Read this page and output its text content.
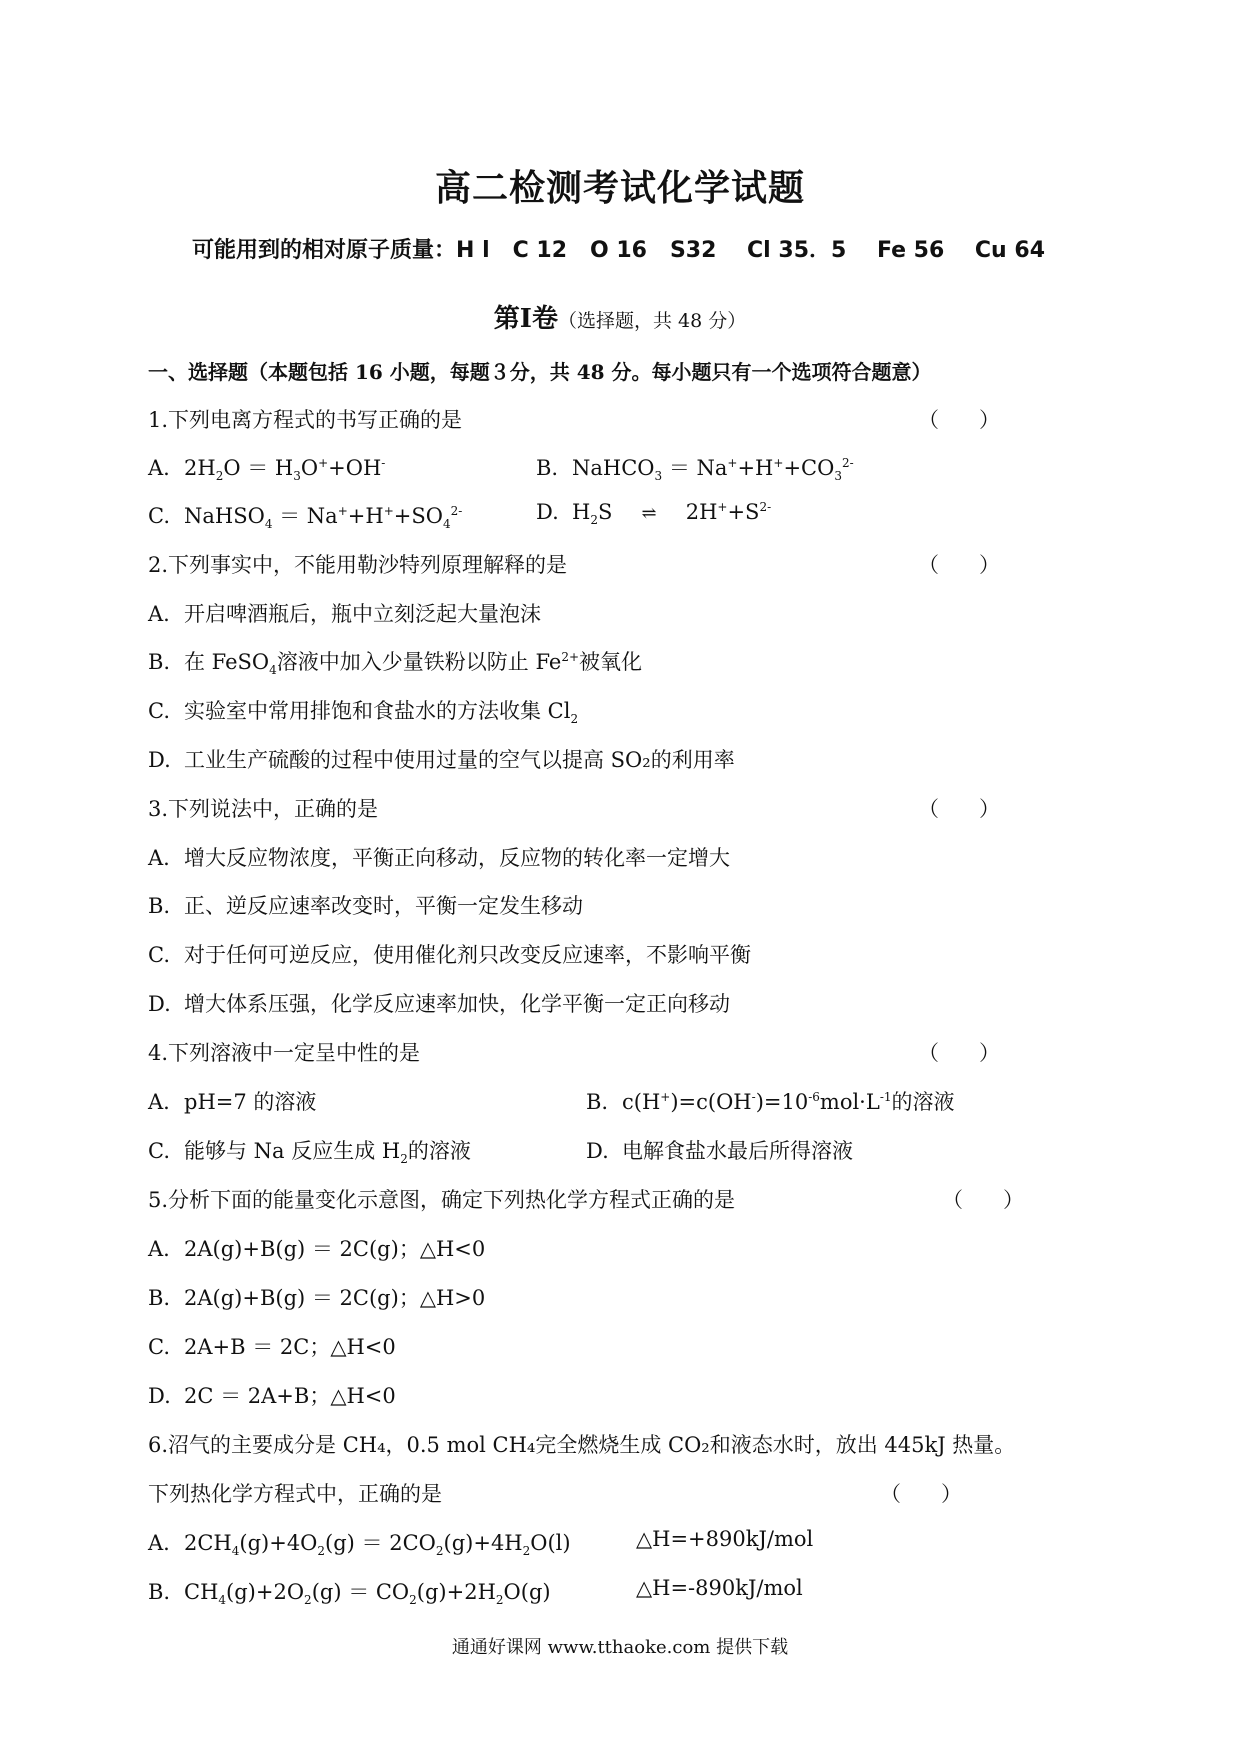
高二检测考试化学试题
可能用到的相对原子质量：H l   C 12   O 16   S32    Cl 35．5    Fe 56    Cu 64
第Ⅰ卷（选择题，共 48 分）
一、选择题（本题包括 16 小题，每题３分，共 48 分。每小题只有一个选项符合题意）
1.下列电离方程式的书写正确的是	（      ）
A. $2H_2O = H_3O^++OH^-$	B. NaHCO$_3$ ＝ $Na^++H^++CO_3^{2-}$
C. NaHSO$_4$ ＝ $Na^++H^++SO_4^{2-}$	D. $H_2S$ ⇌ $2H^++S^{2-}$
2.下列事实中，不能用勒沙特列原理解释的是	（      ）
A. 开启啤酒瓶后，瓶中立刻泛起大量泡沫
B. 在 FeSO$_4$溶液中加入少量铁粉以防止 $Fe^{2+}$被氧化
C. 实验室中常用排饱和食盐水的方法收集 $Cl_2$
D. 工业生产硫酸的过程中使用过量的空气以提高 SO₂的利用率
3.下列说法中，正确的是	（      ）
A. 增大反应物浓度，平衡正向移动，反应物的转化率一定增大
B. 正、逆反应速率改变时，平衡一定发生移动
C. 对于任何可逆反应，使用催化剂只改变反应速率，不影响平衡
D. 增大体系压强，化学反应速率加快，化学平衡一定正向移动
4.下列溶液中一定呈中性的是	（      ）
A. pH=7 的溶液	B. $c(H^+)=c(OH^-)=10^{-6}mol\cdot L^{-1}$的溶液
C. 能够与 Na 反应生成 $H_2$的溶液	D. 电解食盐水最后所得溶液
5.分析下面的能量变化示意图，确定下列热化学方程式正确的是	（      ）
A. 2A(g)+B(g) ＝ 2C(g)；△H<0
B. 2A(g)+B(g) ＝ 2C(g)；△H>0
C. 2A+B ＝ 2C；△H<0
D. 2C ＝ 2A+B；△H<0
6.沼气的主要成分是 CH₄，0.5 mol CH₄完全燃烧生成 CO₂和液态水时，放出 445kJ 热量。
下列热化学方程式中，正确的是	（      ）
A. $2CH_4(g)+4O_2(g) = 2CO_2(g)+4H_2O(l)$	△H=+890kJ/mol
B. $CH_4(g)+2O_2(g) = CO_2(g)+2H_2O(g)$	△H=-890kJ/mol
通通好课网 www.tthaoke.com 提供下载
